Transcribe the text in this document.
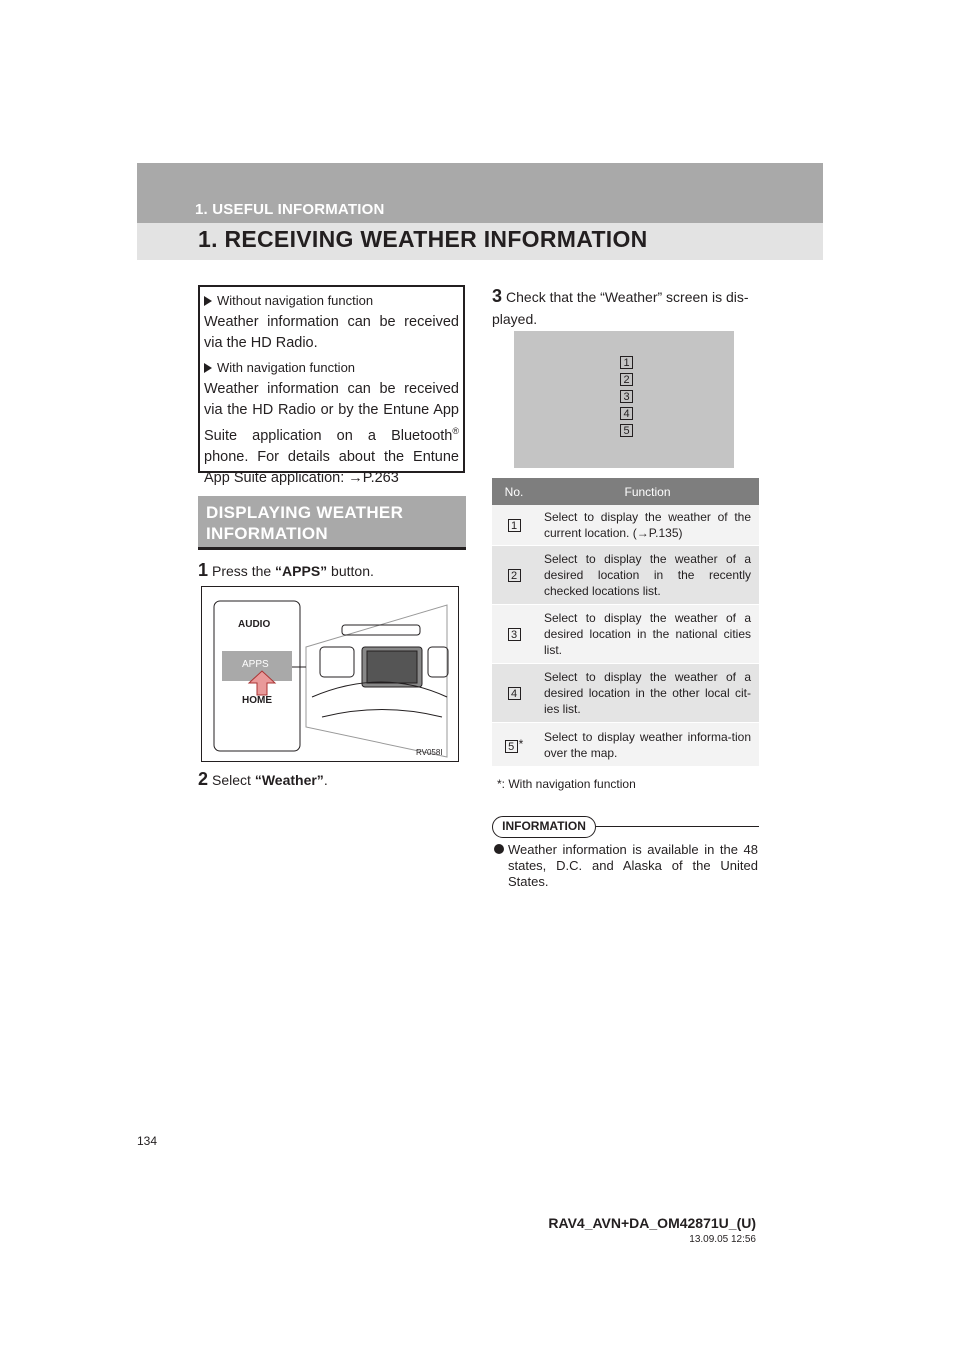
1. USEFUL INFORMATION
1. RECEIVING WEATHER INFORMATION
Without navigation function

Weather information can be received via the HD Radio.

With navigation function

Weather information can be received via the HD Radio or by the Entune App Suite application on a Bluetooth® phone. For details about the Entune App Suite application: →P.263

DISPLAYING WEATHER INFORMATION
1 Press the “APPS” button.
AUDIO
APPS
HOME
RV058I
2 Select “Weather”.
3 Check that the “Weather” screen is dis-played.
1
2
3
4
5
No.	Function
1	Select to display the weather of the current location. (→P.135)
2	Select to display the weather of a desired location in the recently checked locations list.
3	Select to display the weather of a desired location in the national cities list.
4	Select to display the weather of a desired location in the other local cit-ies list.
5 *	Select to display weather informa-tion over the map.
*: With navigation function
INFORMATION
Weather information is available in the 48 states, D.C. and Alaska of the United States.
134
RAV4_AVN+DA_OM42871U_(U)
13.09.05 12:56
